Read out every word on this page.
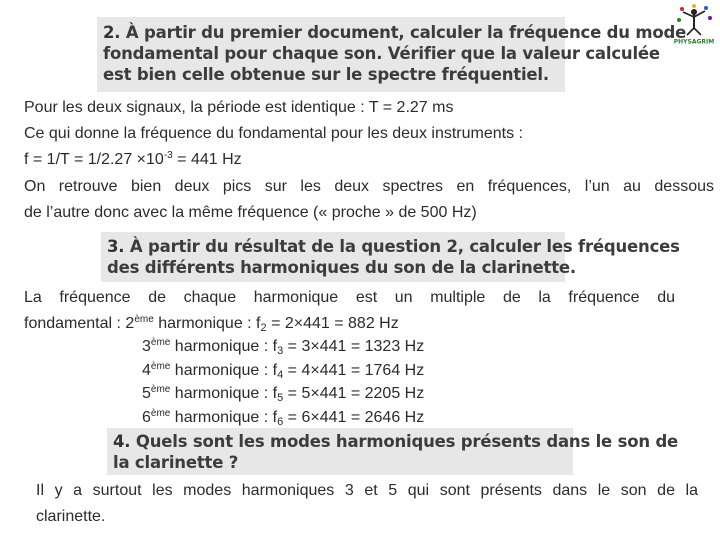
PHYSAGRIM
2. À partir du premier document, calculer la fréquence du mode
fondamental pour chaque son. Vérifier que la valeur calculée
est bien celle obtenue sur le spectre fréquentiel.
Pour les deux signaux, la période est identique : T = 2.27 ms
Ce qui donne la fréquence du fondamental pour les deux instruments :
$f = 1/T = 1/2.27 \times 10^{-3} = 441$ Hz
On retrouve bien deux pics sur les deux spectres en fréquences, l’un au dessous
de l’autre donc avec la même fréquence (« proche » de 500 Hz)
3. À partir du résultat de la question 2, calculer les fréquences
des différents harmoniques du son de la clarinette.
La fréquence de chaque harmonique est un multiple de la fréquence du
fondamental : 2ème harmonique : $f_2 = 2\times 441 = 882$ Hz
3ème harmonique : $f_3 = 3\times 441 = 1323$ Hz
4ème harmonique : $f_4 = 4\times 441 = 1764$ Hz
5ème harmonique : $f_5 = 5\times 441 = 2205$ Hz
6ème harmonique : $f_6 = 6\times 441 = 2646$ Hz
4. Quels sont les modes harmoniques présents dans le son de
la clarinette ?
Il y a surtout les modes harmoniques 3 et 5 qui sont présents dans le son de la
clarinette.
